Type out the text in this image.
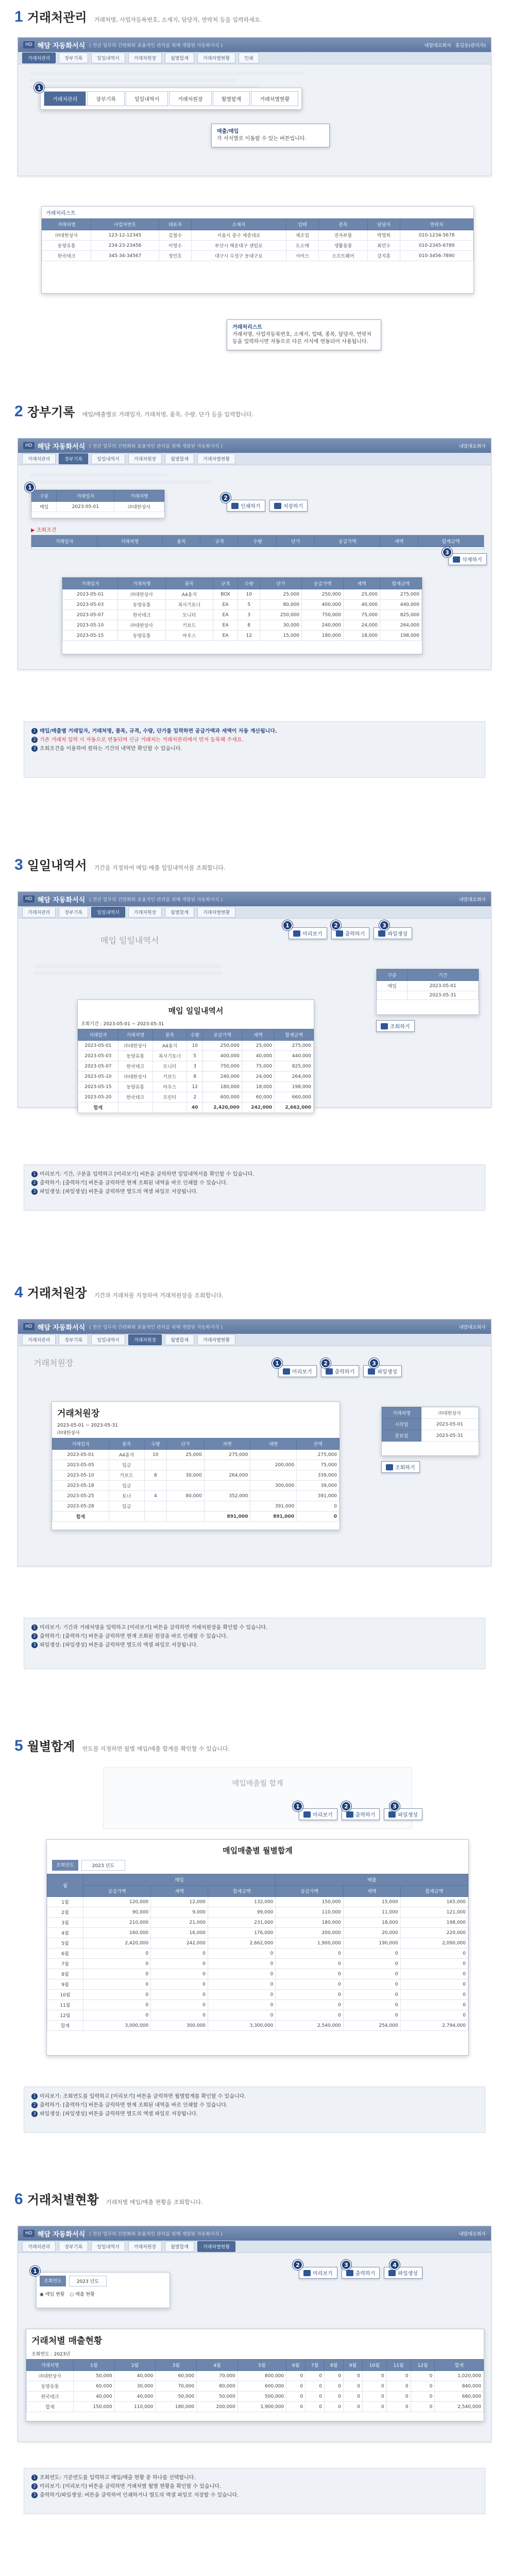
1 거래처관리 거래처명, 사업자등록번호, 소재지, 담당자, 연락처 등을 입력하세요.
HD 해담 자동화서식 ( 전산 업무의 간편화와 효율적인 관리를 위해 개발된 자동화서식 )	내맘대로회사 홍길동(관리자)
거래처관리	장부기록	일일내역서	거래처원장	월별합계	거래처별현황	인쇄
거래처관리	장부기록	일일내역서	거래처원장	월별합계	거래처별현황
1
매출/매입
각 서식별로 이동할 수 있는 버튼입니다.
거래처리스트
거래처명	사업자번호	대표자	소재지	업태	종목	담당자	연락처
㈜대한상사	123-12-12345	김철수	서울시 중구 세종대로	제조업	전자부품	박영희	010-1234-5678
동양유통	234-23-23456	이영수	부산시 해운대구 센텀로	도소매	생활용품	최민수	010-2345-6789
한국테크	345-34-34567	정민호	대구시 수성구 동대구로	서비스	소프트웨어	강지훈	010-3456-7890
거래처리스트
거래처명, 사업자등록번호, 소재지, 업태, 종목, 담당자, 연락처 등을 입력하시면 자동으로 다른 서식에 연동되어 사용됩니다.
2 장부기록 매입/매출별로 거래일자, 거래처명, 품목, 수량, 단가 등을 입력합니다.
HD 해담 자동화서식 ( 전산 업무의 간편화와 효율적인 관리를 위해 개발된 자동화서식 )	내맘대로회사
거래처관리	장부기록	일일내역서	거래처원장	월별합계	거래처별현황
구분	거래일자	거래처명
매입	2023-05-01	㈜대한상사
1
인쇄하기	저장하기
2
▶ 조회조건
거래일자	거래처명	품목	규격	수량	단가	공급가액	세액	합계금액
삭제하기
3
거래일자	거래처명	품목	규격	수량	단가	공급가액	세액	합계금액
2023-05-01	㈜대한상사	A4용지	BOX	10	25,000	250,000	25,000	275,000
2023-05-03	동양유통	복사기토너	EA	5	80,000	400,000	40,000	440,000
2023-05-07	한국테크	모니터	EA	3	250,000	750,000	75,000	825,000
2023-05-10	㈜대한상사	키보드	EA	8	30,000	240,000	24,000	264,000
2023-05-15	동양유통	마우스	EA	12	15,000	180,000	18,000	198,000
1 매입/매출별 거래일자, 거래처명, 품목, 규격, 수량, 단가를 입력하면 공급가액과 세액이 자동 계산됩니다.
2 기존 거래처 입력 시 자동으로 연동되며 신규 거래처는 거래처관리에서 먼저 등록해 주세요.
3 조회조건을 이용하여 원하는 기간의 내역만 확인할 수 있습니다.
3 일일내역서 기간을 지정하여 매입·매출 일일내역서를 조회합니다.
HD 해담 자동화서식 ( 전산 업무의 간편화와 효율적인 관리를 위해 개발된 자동화서식 )	내맘대로회사
거래처관리	장부기록	일일내역서	거래처원장	월별합계	거래처별현황
매입 일일내역서
미리보기	출력하기	파일생성
1	2	3
구분	기간
매입	2023-05-01
	2023-05-31
조회하기
매입 일일내역서
조회기간 : 2023-05-01 ~ 2023-05-31
거래일자	거래처명	품목	수량	공급가액	세액	합계금액
2023-05-01	㈜대한상사	A4용지	10	250,000	25,000	275,000
2023-05-03	동양유통	복사기토너	5	400,000	40,000	440,000
2023-05-07	한국테크	모니터	3	750,000	75,000	825,000
2023-05-10	㈜대한상사	키보드	8	240,000	24,000	264,000
2023-05-15	동양유통	마우스	12	180,000	18,000	198,000
2023-05-20	한국테크	프린터	2	600,000	60,000	660,000
합계			40	2,420,000	242,000	2,662,000
1 미리보기: 기간, 구분을 입력하고 [미리보기] 버튼을 클릭하면 일일내역서를 확인할 수 있습니다.
2 출력하기: [출력하기] 버튼을 클릭하면 현재 조회된 내역을 바로 인쇄할 수 있습니다.
3 파일생성: [파일생성] 버튼을 클릭하면 별도의 엑셀 파일로 저장됩니다.
4 거래처원장 기간과 거래처를 지정하여 거래처원장을 조회합니다.
HD 해담 자동화서식 ( 전산 업무의 간편화와 효율적인 관리를 위해 개발된 자동화서식 )	내맘대로회사
거래처관리	장부기록	일일내역서	거래처원장	월별합계	거래처별현황
거래처원장
미리보기	출력하기	파일생성
1	2	3
거래처명	㈜대한상사
시작일	2023-05-01
종료일	2023-05-31
조회하기
거래처원장
2023-05-01 ~ 2023-05-31
㈜대한상사
거래일자	품목	수량	단가	차변	대변	잔액
2023-05-01	A4용지	10	25,000	275,000		275,000
2023-05-05	입금				200,000	75,000
2023-05-10	키보드	8	30,000	264,000		339,000
2023-05-18	입금				300,000	39,000
2023-05-25	토너	4	80,000	352,000		391,000
2023-05-28	입금				391,000	0
합계				891,000	891,000	0
1 미리보기: 기간과 거래처명을 입력하고 [미리보기] 버튼을 클릭하면 거래처원장을 확인할 수 있습니다.
2 출력하기: [출력하기] 버튼을 클릭하면 현재 조회된 원장을 바로 인쇄할 수 있습니다.
3 파일생성: [파일생성] 버튼을 클릭하면 별도의 엑셀 파일로 저장됩니다.
5 월별합계 연도를 지정하면 월별 매입/매출 합계를 확인할 수 있습니다.
매입매출월 합계
미리보기	출력하기	파일생성
1	2	3
매입매출별 월별합계
조회연도	2023 년도
월	매입			매출		
	공급가액	세액	합계금액	공급가액	세액	합계금액
1월	120,000	12,000	132,000	150,000	15,000	165,000
2월	90,000	9,000	99,000	110,000	11,000	121,000
3월	210,000	21,000	231,000	180,000	18,000	198,000
4월	160,000	16,000	176,000	200,000	20,000	220,000
5월	2,420,000	242,000	2,662,000	1,900,000	190,000	2,090,000
6월	0	0	0	0	0	0
7월	0	0	0	0	0	0
8월	0	0	0	0	0	0
9월	0	0	0	0	0	0
10월	0	0	0	0	0	0
11월	0	0	0	0	0	0
12월	0	0	0	0	0	0
합계	3,000,000	300,000	3,300,000	2,540,000	254,000	2,794,000
1 미리보기: 조회연도를 입력하고 [미리보기] 버튼을 클릭하면 월별합계를 확인할 수 있습니다.
2 출력하기: [출력하기] 버튼을 클릭하면 현재 조회된 내역을 바로 인쇄할 수 있습니다.
3 파일생성: [파일생성] 버튼을 클릭하면 별도의 엑셀 파일로 저장됩니다.
6 거래처별현황 거래처별 매입/매출 현황을 조회합니다.
HD 해담 자동화서식 ( 전산 업무의 간편화와 효율적인 관리를 위해 개발된 자동화서식 )	내맘대로회사
거래처관리	장부기록	일일내역서	거래처원장	월별합계	거래처별현황
조회연도	2023 년도
◉ 매입 현황 ○ 매출 현황
1	미리보기	출력하기	파일생성
2	3	4
거래처별 매출현황
조회연도 : 2023년
거래처명	1월	2월	3월	4월	5월	6월	7월	8월	9월	10월	11월	12월	합계
㈜대한상사	50,000	40,000	60,000	70,000	800,000	0	0	0	0	0	0	0	1,020,000
동양유통	60,000	30,000	70,000	80,000	600,000	0	0	0	0	0	0	0	840,000
한국테크	40,000	40,000	50,000	50,000	500,000	0	0	0	0	0	0	0	680,000
합계	150,000	110,000	180,000	200,000	1,900,000	0	0	0	0	0	0	0	2,540,000
1 조회연도: 기준연도를 입력하고 매입/매출 현황 중 하나를 선택합니다.
2 미리보기: [미리보기] 버튼을 클릭하면 거래처별 월별 현황을 확인할 수 있습니다.
3 출력하기/파일생성: 버튼을 클릭하여 인쇄하거나 별도의 엑셀 파일로 저장할 수 있습니다.
